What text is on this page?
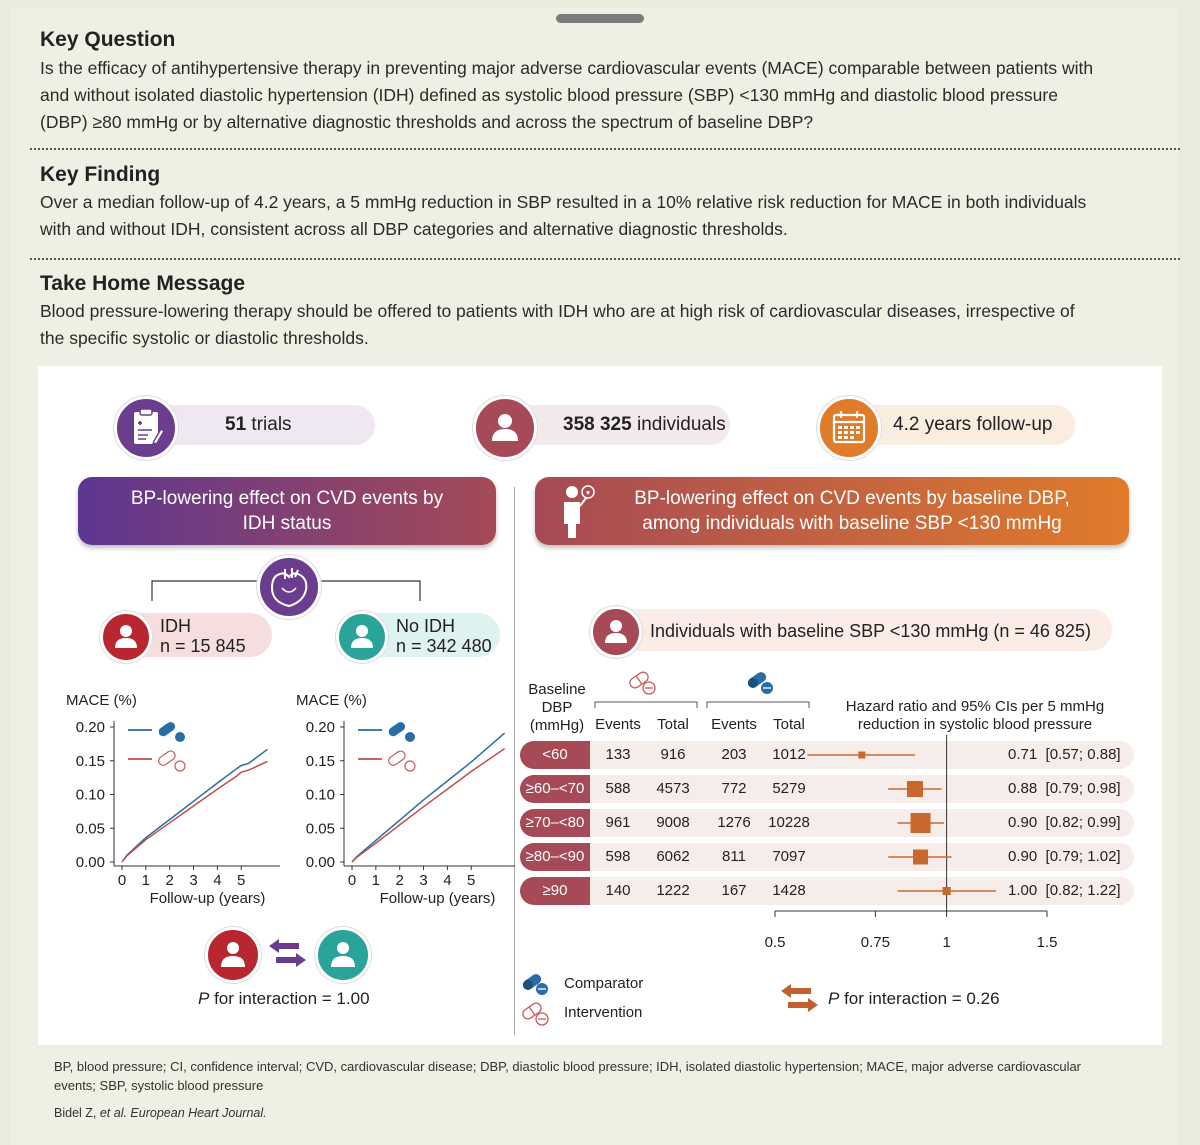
Key Question
Is the efficacy of antihypertensive therapy in preventing major adverse cardiovascular events (MACE) comparable between patients with
and without isolated diastolic hypertension (IDH) defined as systolic blood pressure (SBP) <130 mmHg and diastolic blood pressure
(DBP) ≥80 mmHg or by alternative diagnostic thresholds and across the spectrum of baseline DBP?
Key Finding
Over a median follow-up of 4.2 years, a 5 mmHg reduction in SBP resulted in a 10% relative risk reduction for MACE in both individuals
with and without IDH, consistent across all DBP categories and alternative diagnostic thresholds.
Take Home Message
Blood pressure-lowering therapy should be offered to patients with IDH who are at high risk of cardiovascular diseases, irrespective of
the specific systolic or diastolic thresholds.
51 trials	358 325 individuals	4.2 years follow-up
BP-lowering effect on CVD events by
IDH status
BP-lowering effect on CVD events by baseline DBP,
among individuals with baseline SBP <130 mmHg
♥
IDH
n = 15 845
No IDH
n = 342 480
Individuals with baseline SBP <130 mmHg (n = 46 825)
MACE (%)
0.00
0.05
0.10
0.15
0.20
0 1 2 3 4 5
Follow-up (years)
MACE (%)
0.00
0.05
0.10
0.15
0.20
0 1 2 3 4 5
Follow-up (years)
P for interaction = 1.00
Baseline
DBP
(mmHg) Events	Total	Events	Total
Hazard ratio and 95% CIs per 5 mmHg
reduction in systolic blood pressure
<60	133	916	203	1012	0.71  [0.57; 0.88]
≥60–<70	588	4573	772	5279	0.88  [0.79; 0.98]
≥70–<80	961	9008	1276	10228	0.90  [0.82; 0.99]
≥80–<90	598	6062	811	7097	0.90  [0.79; 1.02]
≥90	140	1222	167	1428	1.00  [0.82; 1.22]
0.5	0.75	1	1.5
Comparator
Intervention
P for interaction = 0.26
BP, blood pressure; CI, confidence interval; CVD, cardiovascular disease; DBP, diastolic blood pressure; IDH, isolated diastolic hypertension; MACE, major adverse cardiovascular
events; SBP, systolic blood pressure
Bidel Z, et al. European Heart Journal.
